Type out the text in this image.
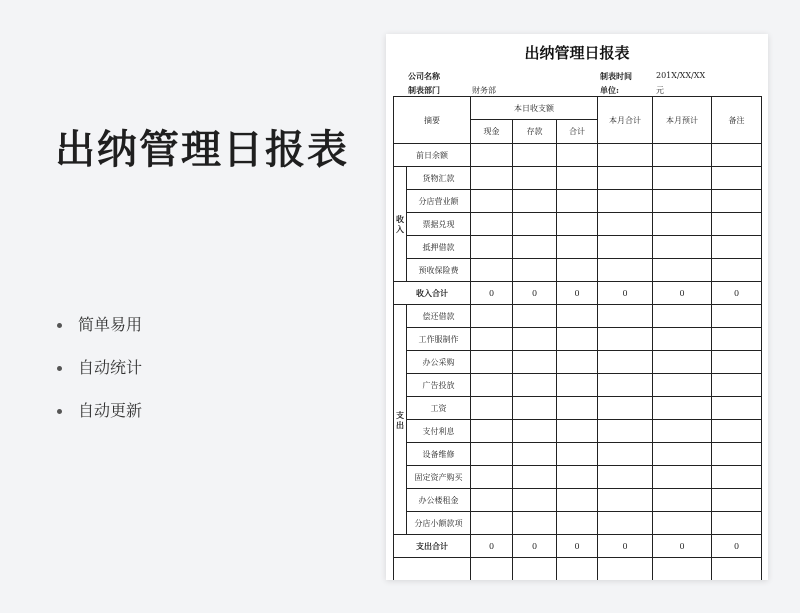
出纳管理日报表
简单易用
自动统计
自动更新
出纳管理日报表
公司名称
制表部门	财务部
制表时间	201X/XX/XX
单位:	元
摘要		本日收支额			本月合计	本月预计	备注
		现金	存款	合计			
前日余额							
收入	货物汇款						
	分店营业额						
	票据兑现						
	抵押借款						
	预收保险费						
收入合计		0	0	0	0	0	0
支出	偿还借款						
	工作服制作						
	办公采购						
	广告投放						
	工资						
	支付利息						
	设备维修						
	固定资产购买						
	办公楼租金						
	分店小额款项						
支出合计		0	0	0	0	0	0
